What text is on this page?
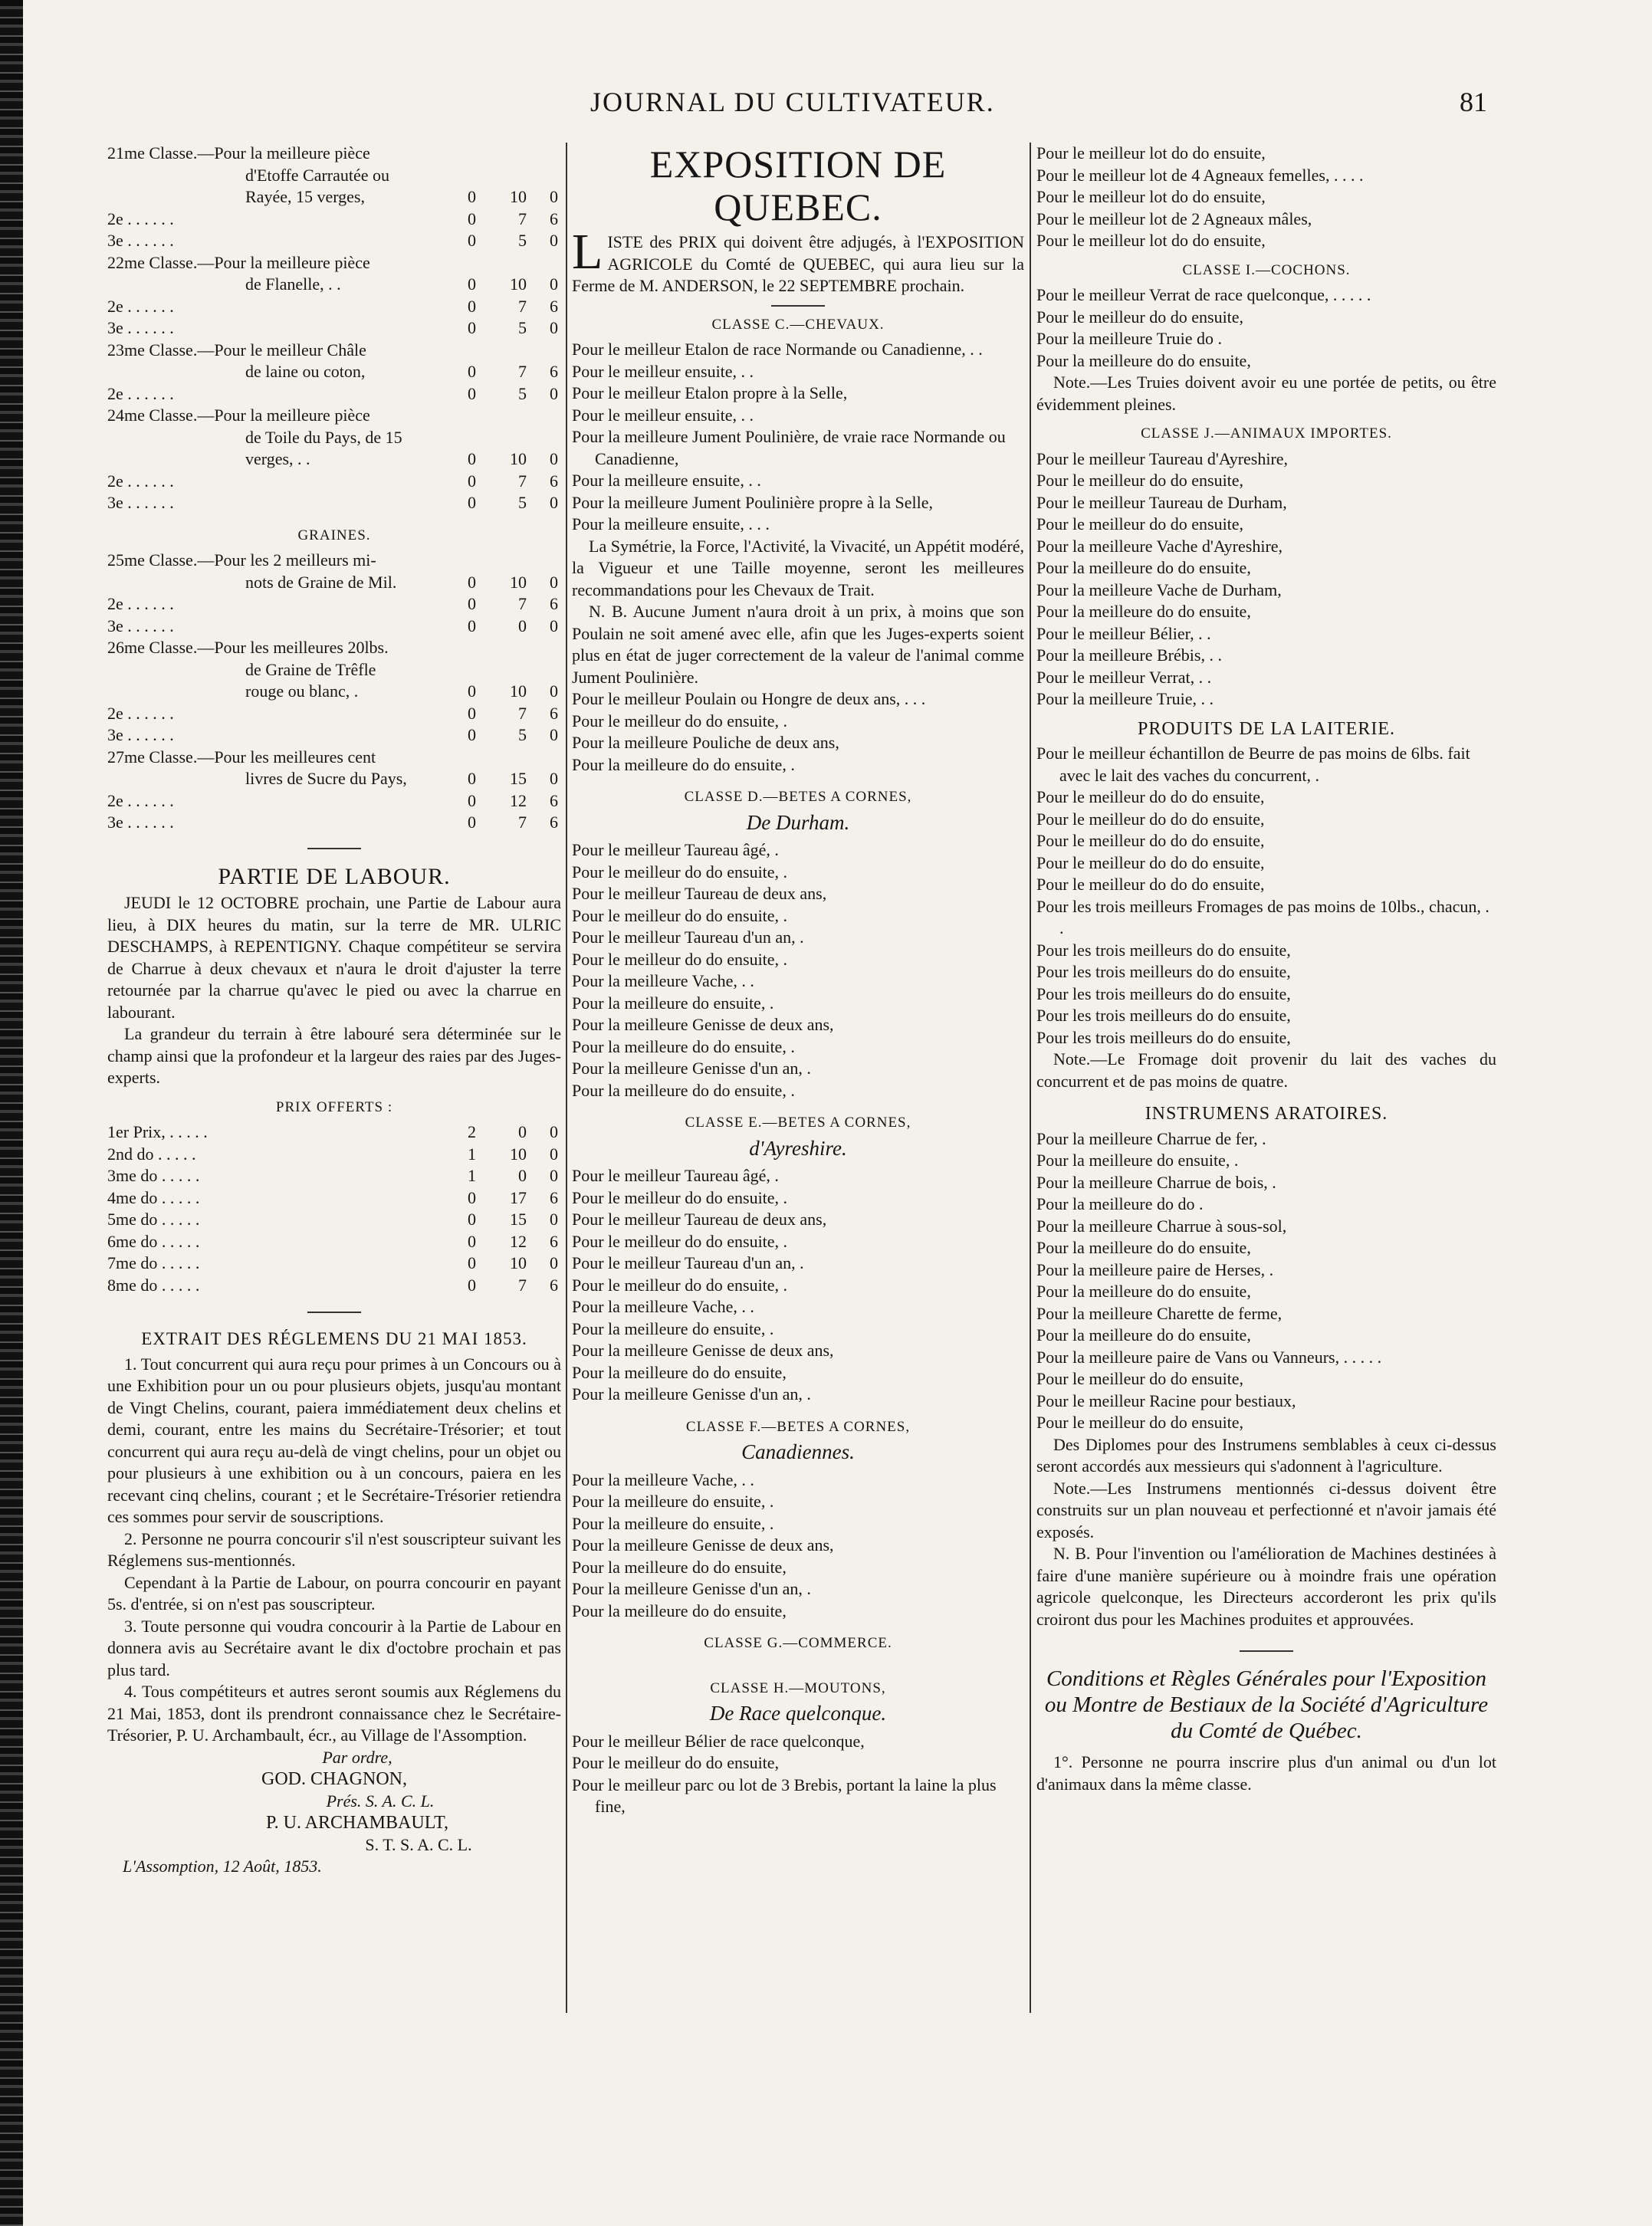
JOURNAL DU CULTIVATEUR.	81
21me Classe.—Pour la meilleure pièce
d'Etoffe Carrautée ou
Rayée, 15 verges,	0	10	0
2e . . . . . .	0	7	6
3e . . . . . .	0	5	0
22me Classe.—Pour la meilleure pièce
de Flanelle, . .	0	10	0
2e . . . . . .	0	7	6
3e . . . . . .	0	5	0
23me Classe.—Pour le meilleur Châle
de laine ou coton,	0	7	6
2e . . . . . .	0	5	0
24me Classe.—Pour la meilleure pièce
de Toile du Pays, de 15
verges, . .	0	10	0
2e . . . . . .	0	7	6
3e . . . . . .	0	5	0
GRAINES.
25me Classe.—Pour les 2 meilleurs mi-
nots de Graine de Mil.	0	10	0
2e . . . . . .	0	7	6
3e . . . . . .	0	0	0
26me Classe.—Pour les meilleures 20lbs.
de Graine de Trêfle
rouge ou blanc, .	0	10	0
2e . . . . . .	0	7	6
3e . . . . . .	0	5	0
27me Classe.—Pour les meilleures cent
livres de Sucre du Pays,	0	15	0
2e . . . . . .	0	12	6
3e . . . . . .	0	7	6
PARTIE DE LABOUR.

JEUDI le 12 OCTOBRE prochain, une Partie de Labour aura lieu, à DIX heures du matin, sur la terre de MR. ULRIC DESCHAMPS, à REPENTIGNY. Chaque compétiteur se servira de Charrue à deux chevaux et n'aura le droit d'ajuster la terre retournée par la charrue qu'avec le pied ou avec la charrue en labourant.

La grandeur du terrain à être labouré sera déterminée sur le champ ainsi que la profondeur et la largeur des raies par des Juges-experts.

PRIX OFFERTS :
1er Prix, . . . . .	2	0	0
2nd do . . . . .	1	10	0
3me do . . . . .	1	0	0
4me do . . . . .	0	17	6
5me do . . . . .	0	15	0
6me do . . . . .	0	12	6
7me do . . . . .	0	10	0
8me do . . . . .	0	7	6
EXTRAIT DES RÉGLEMENS DU 21 MAI 1853.

1. Tout concurrent qui aura reçu pour primes à un Concours ou à une Exhibition pour un ou pour plusieurs objets, jusqu'au montant de Vingt Chelins, courant, paiera immédiatement deux chelins et demi, courant, entre les mains du Secrétaire-Trésorier; et tout concurrent qui aura reçu au-delà de vingt chelins, pour un objet ou pour plusieurs à une exhibition ou à un concours, paiera en les recevant cinq chelins, courant ; et le Secrétaire-Trésorier retiendra ces sommes pour servir de souscriptions.

2. Personne ne pourra concourir s'il n'est souscripteur suivant les Réglemens sus-mentionnés.

Cependant à la Partie de Labour, on pourra concourir en payant 5s. d'entrée, si on n'est pas souscripteur.

3. Toute personne qui voudra concourir à la Partie de Labour en donnera avis au Secrétaire avant le dix d'octobre prochain et pas plus tard.

4. Tous compétiteurs et autres seront soumis aux Réglemens du 21 Mai, 1853, dont ils prendront connaissance chez le Secrétaire-Trésorier, P. U. Archambault, écr., au Village de l'Assomption.

Par ordre,
GOD. CHAGNON,
Prés. S. A. C. L.
P. U. ARCHAMBAULT,
S. T. S. A. C. L.
L'Assomption, 12 Août, 1853.
EXPOSITION DE QUEBEC.

LISTE des PRIX qui doivent être adjugés, à l'EXPOSITION AGRICOLE du Comté de QUEBEC, qui aura lieu sur la Ferme de M. ANDERSON, le 22 SEPTEMBRE prochain.

CLASSE C.—CHEVAUX.
Pour le meilleur Etalon de race Normande ou Canadienne, . .
Pour le meilleur ensuite, . .
Pour le meilleur Etalon propre à la Selle,
Pour le meilleur ensuite, . .
Pour la meilleure Jument Poulinière, de vraie race Normande ou Canadienne,
Pour la meilleure ensuite, . .
Pour la meilleure Jument Poulinière propre à la Selle,
Pour la meilleure ensuite, . . .

La Symétrie, la Force, l'Activité, la Vivacité, un Appétit modéré, la Vigueur et une Taille moyenne, seront les meilleures recommandations pour les Chevaux de Trait.

N. B. Aucune Jument n'aura droit à un prix, à moins que son Poulain ne soit amené avec elle, afin que les Juges-experts soient plus en état de juger correctement de la valeur de l'animal comme Jument Poulinière.

Pour le meilleur Poulain ou Hongre de deux ans, . . .
Pour le meilleur do do ensuite, .
Pour la meilleure Pouliche de deux ans,
Pour la meilleure do do ensuite, .
CLASSE D.—BETES A CORNES,
De Durham.
Pour le meilleur Taureau âgé, .
Pour le meilleur do do ensuite, .
Pour le meilleur Taureau de deux ans,
Pour le meilleur do do ensuite, .
Pour le meilleur Taureau d'un an, .
Pour le meilleur do do ensuite, .
Pour la meilleure Vache, . .
Pour la meilleure do ensuite, .
Pour la meilleure Genisse de deux ans,
Pour la meilleure do do ensuite, .
Pour la meilleure Genisse d'un an, .
Pour la meilleure do do ensuite, .
CLASSE E.—BETES A CORNES,
d'Ayreshire.
Pour le meilleur Taureau âgé, .
Pour le meilleur do do ensuite, .
Pour le meilleur Taureau de deux ans,
Pour le meilleur do do ensuite, .
Pour le meilleur Taureau d'un an, .
Pour le meilleur do do ensuite, .
Pour la meilleure Vache, . .
Pour la meilleure do ensuite, .
Pour la meilleure Genisse de deux ans,
Pour la meilleure do do ensuite,
Pour la meilleure Genisse d'un an, .
CLASSE F.—BETES A CORNES,
Canadiennes.
Pour la meilleure Vache, . .
Pour la meilleure do ensuite, .
Pour la meilleure do ensuite, .
Pour la meilleure Genisse de deux ans,
Pour la meilleure do do ensuite,
Pour la meilleure Genisse d'un an, .
Pour la meilleure do do ensuite,
CLASSE G.—COMMERCE.
CLASSE H.—MOUTONS,
De Race quelconque.
Pour le meilleur Bélier de race quelconque,
Pour le meilleur do do ensuite,
Pour le meilleur parc ou lot de 3 Brebis, portant la laine la plus fine,
Pour le meilleur lot do do ensuite,
Pour le meilleur lot de 4 Agneaux femelles, . . . .
Pour le meilleur lot do do ensuite,
Pour le meilleur lot de 2 Agneaux mâles,
Pour le meilleur lot do do ensuite,
CLASSE I.—COCHONS.
Pour le meilleur Verrat de race quelconque, . . . . .
Pour le meilleur do do ensuite,
Pour la meilleure Truie do .
Pour la meilleure do do ensuite,

Note.—Les Truies doivent avoir eu une portée de petits, ou être évidemment pleines.

CLASSE J.—ANIMAUX IMPORTES.
Pour le meilleur Taureau d'Ayreshire,
Pour le meilleur do do ensuite,
Pour le meilleur Taureau de Durham,
Pour le meilleur do do ensuite,
Pour la meilleure Vache d'Ayreshire,
Pour la meilleure do do ensuite,
Pour la meilleure Vache de Durham,
Pour la meilleure do do ensuite,
Pour le meilleur Bélier, . .
Pour la meilleure Brébis, . .
Pour le meilleur Verrat, . .
Pour la meilleure Truie, . .
PRODUITS DE LA LAITERIE.
Pour le meilleur échantillon de Beurre de pas moins de 6lbs. fait avec le lait des vaches du concurrent, .
Pour le meilleur do do do ensuite,
Pour le meilleur do do do ensuite,
Pour le meilleur do do do ensuite,
Pour le meilleur do do do ensuite,
Pour le meilleur do do do ensuite,
Pour les trois meilleurs Fromages de pas moins de 10lbs., chacun, . .
Pour les trois meilleurs do do ensuite,
Pour les trois meilleurs do do ensuite,
Pour les trois meilleurs do do ensuite,
Pour les trois meilleurs do do ensuite,
Pour les trois meilleurs do do ensuite,

Note.—Le Fromage doit provenir du lait des vaches du concurrent et de pas moins de quatre.

INSTRUMENS ARATOIRES.
Pour la meilleure Charrue de fer, .
Pour la meilleure do ensuite, .
Pour la meilleure Charrue de bois, .
Pour la meilleure do do .
Pour la meilleure Charrue à sous-sol,
Pour la meilleure do do ensuite,
Pour la meilleure paire de Herses, .
Pour la meilleure do do ensuite,
Pour la meilleure Charette de ferme,
Pour la meilleure do do ensuite,
Pour la meilleure paire de Vans ou Vanneurs, . . . . .
Pour le meilleur do do ensuite,
Pour le meilleur Racine pour bestiaux,
Pour le meilleur do do ensuite,

Des Diplomes pour des Instrumens semblables à ceux ci-dessus seront accordés aux messieurs qui s'adonnent à l'agriculture.

Note.—Les Instrumens mentionnés ci-dessus doivent être construits sur un plan nouveau et perfectionné et n'avoir jamais été exposés.

N. B. Pour l'invention ou l'amélioration de Machines destinées à faire d'une manière supérieure ou à moindre frais une opération agricole quelconque, les Directeurs accorderont les prix qu'ils croiront dus pour les Machines produites et approuvées.

Conditions et Règles Générales pour l'Exposition ou Montre de Bestiaux de la Société d'Agriculture du Comté de Québec.

1°. Personne ne pourra inscrire plus d'un animal ou d'un lot d'animaux dans la même classe.
